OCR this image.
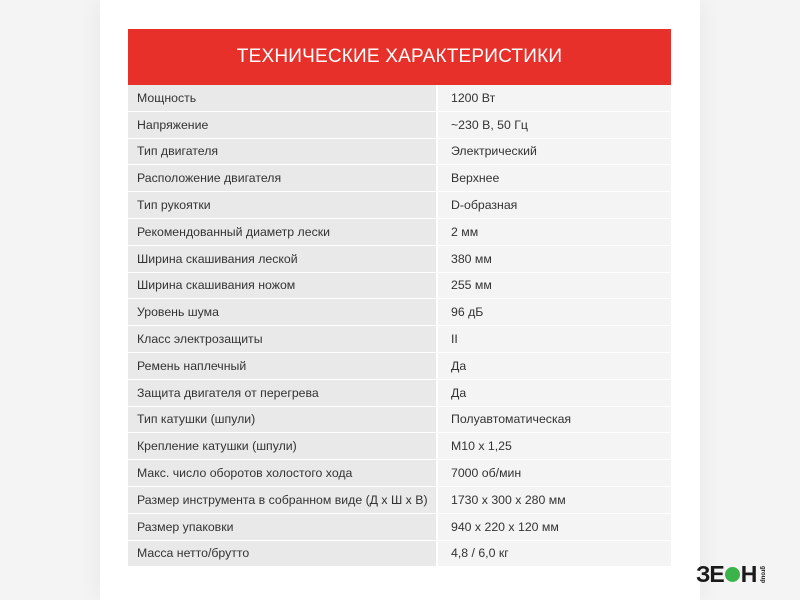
ТЕХНИЧЕСКИЕ ХАРАКТЕРИСТИКИ
Мощность	1200 Вт
Напряжение	~230 В, 50 Гц
Тип двигателя	Электрический
Расположение двигателя	Верхнее
Тип рукоятки	D-образная
Рекомендованный диаметр лески	2 мм
Ширина скашивания леской	380 мм
Ширина скашивания ножом	255 мм
Уровень шума	96 дБ
Класс электрозащиты	II
Ремень наплечный	Да
Защита двигателя от перегрева	Да
Тип катушки (шпули)	Полуавтоматическая
Крепление катушки (шпули)	M10 x 1,25
Макс. число оборотов холостого хода	7000 об/мин
Размер инструмента в собранном виде (Д х Ш х В)	1730 x 300 x 280 мм
Размер упаковки	940 x 220 x 120 мм
Масса нетто/брутто	4,8 / 6,0 кг
ЗЕ Н group
